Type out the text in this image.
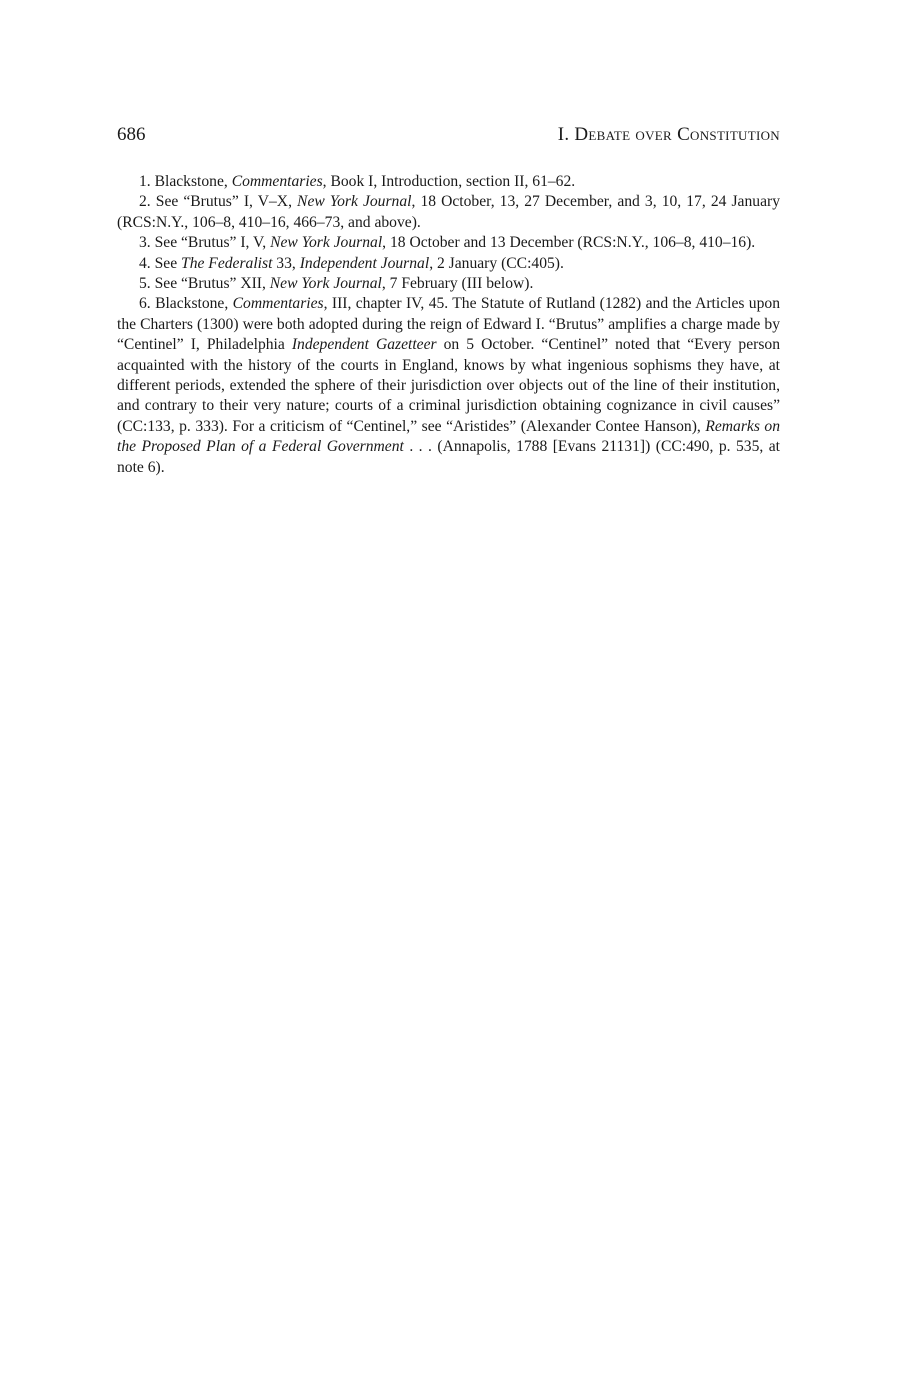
686	I. Debate over Constitution

1. Blackstone, Commentaries, Book I, Introduction, section II, 61–62.

2. See “Brutus” I, V–X, New York Journal, 18 October, 13, 27 December, and 3, 10, 17, 24 January (RCS:N.Y., 106–8, 410–16, 466–73, and above).

3. See “Brutus” I, V, New York Journal, 18 October and 13 December (RCS:N.Y., 106–8, 410–16).

4. See The Federalist 33, Independent Journal, 2 January (CC:405).

5. See “Brutus” XII, New York Journal, 7 February (III below).

6. Blackstone, Commentaries, III, chapter IV, 45. The Statute of Rutland (1282) and the Articles upon the Charters (1300) were both adopted during the reign of Edward I. “Brutus” amplifies a charge made by “Centinel” I, Philadelphia Independent Gazetteer on 5 October. “Centinel” noted that “Every person acquainted with the history of the courts in England, knows by what ingenious sophisms they have, at different periods, extended the sphere of their jurisdiction over objects out of the line of their institution, and contrary to their very nature; courts of a criminal jurisdiction obtaining cognizance in civil causes” (CC:133, p. 333). For a criticism of “Centinel,” see “Aristides” (Alexander Contee Hanson), Remarks on the Proposed Plan of a Federal Government . . . (Annapolis, 1788 [Evans 21131]) (CC:490, p. 535, at note 6).
